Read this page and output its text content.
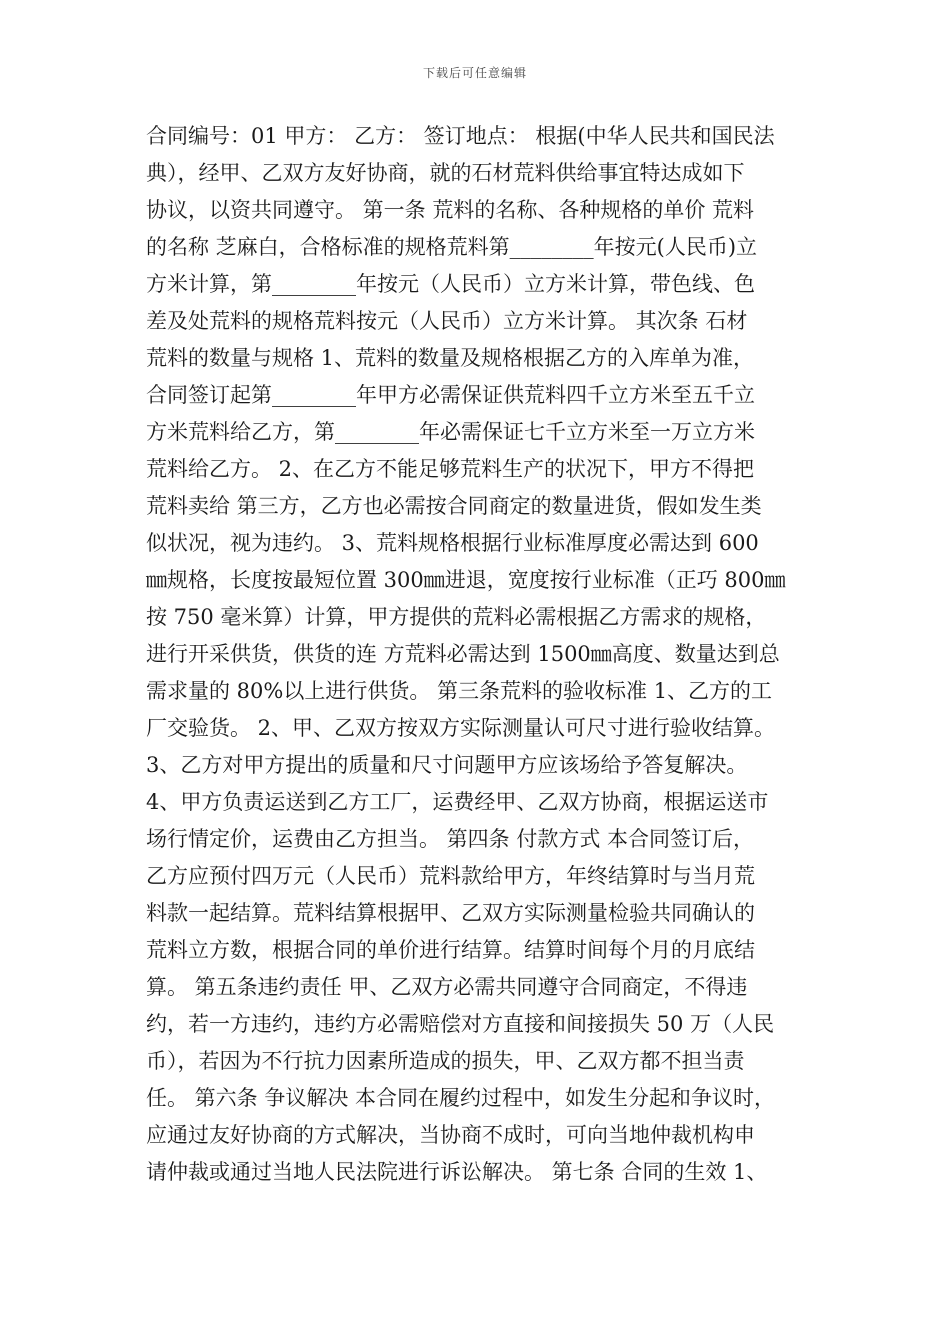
下载后可任意编辑
合同编号：01 甲方： 乙方： 签订地点： 根据(中华人民共和国民法
典），经甲、乙双方友好协商，就的石材荒料供给事宜特达成如下
协议，以资共同遵守。 第一条 荒料的名称、各种规格的单价 荒料
的名称 芝麻白，合格标准的规格荒料第________年按元(人民币)立
方米计算，第________年按元（人民币）立方米计算，带色线、色
差及处荒料的规格荒料按元（人民币）立方米计算。 其次条 石材
荒料的数量与规格 1、荒料的数量及规格根据乙方的入库单为准，
合同签订起第________年甲方必需保证供荒料四千立方米至五千立
方米荒料给乙方，第________年必需保证七千立方米至一万立方米
荒料给乙方。 2、在乙方不能足够荒料生产的状况下，甲方不得把
荒料卖给 第三方，乙方也必需按合同商定的数量进货，假如发生类
似状况，视为违约。 3、荒料规格根据行业标准厚度必需达到 600
㎜规格，长度按最短位置 300㎜进退，宽度按行业标准（正巧 800㎜
按 750 毫米算）计算，甲方提供的荒料必需根据乙方需求的规格，
进行开采供货，供货的连 方荒料必需达到 1500㎜高度、数量达到总
需求量的 80%以上进行供货。 第三条荒料的验收标准 1、乙方的工
厂交验货。 2、甲、乙双方按双方实际测量认可尺寸进行验收结算。
3、乙方对甲方提出的质量和尺寸问题甲方应该场给予答复解决。
4、甲方负责运送到乙方工厂，运费经甲、乙双方协商，根据运送市
场行情定价，运费由乙方担当。 第四条 付款方式 本合同签订后，
乙方应预付四万元（人民币）荒料款给甲方，年终结算时与当月荒
料款一起结算。荒料结算根据甲、乙双方实际测量检验共同确认的
荒料立方数，根据合同的单价进行结算。结算时间每个月的月底结
算。 第五条违约责任 甲、乙双方必需共同遵守合同商定，不得违
约，若一方违约，违约方必需赔偿对方直接和间接损失 50 万（人民
币），若因为不行抗力因素所造成的损失，甲、乙双方都不担当责
任。 第六条 争议解决 本合同在履约过程中，如发生分起和争议时，
应通过友好协商的方式解决，当协商不成时，可向当地仲裁机构申
请仲裁或通过当地人民法院进行诉讼解决。 第七条 合同的生效 1、
